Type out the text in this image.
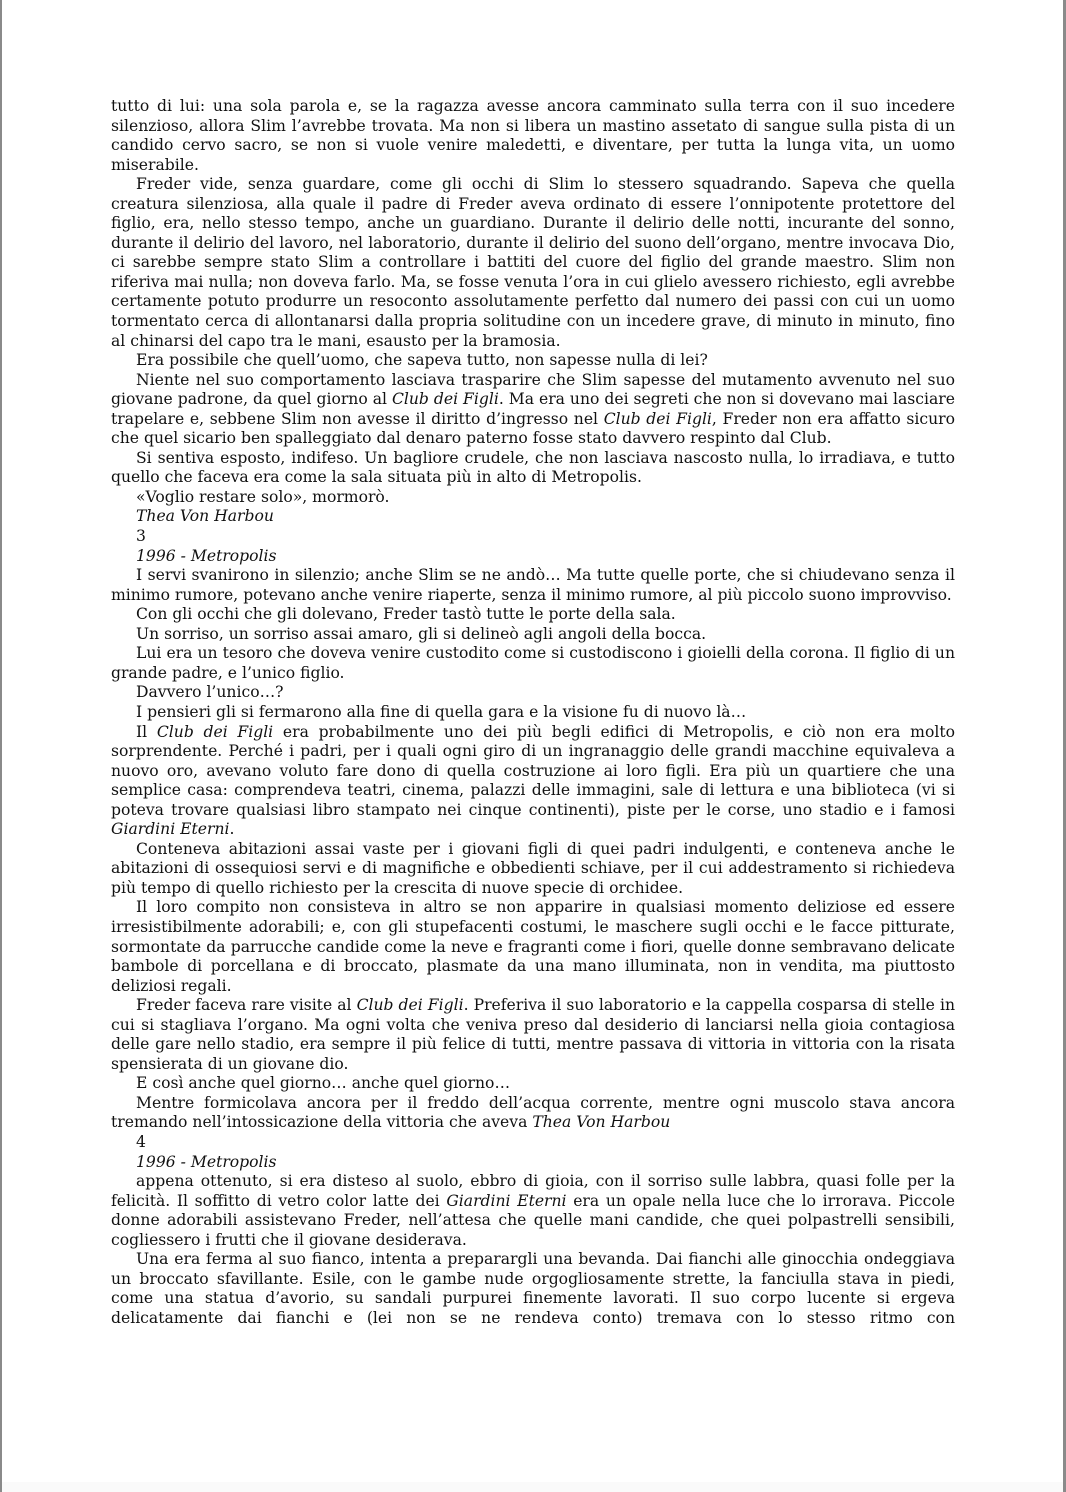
tutto di lui: una sola parola e, se la ragazza avesse ancora camminato sulla terra con il suo incedere silenzioso, allora Slim l’avrebbe trovata. Ma non si libera un mastino assetato di sangue sulla pista di un candido cervo sacro, se non si vuole venire maledetti, e diventare, per tutta la lunga vita, un uomo miserabile.

Freder vide, senza guardare, come gli occhi di Slim lo stessero squadrando. Sapeva che quella creatura silenziosa, alla quale il padre di Freder aveva ordinato di essere l’onnipotente protettore del figlio, era, nello stesso tempo, anche un guardiano. Durante il delirio delle notti, incurante del sonno, durante il delirio del lavoro, nel laboratorio, durante il delirio del suono dell’organo, mentre invocava Dio, ci sarebbe sempre stato Slim a controllare i battiti del cuore del figlio del grande maestro. Slim non riferiva mai nulla; non doveva farlo. Ma, se fosse venuta l’ora in cui glielo avessero richiesto, egli avrebbe certamente potuto produrre un resoconto assolutamente perfetto dal numero dei passi con cui un uomo tormentato cerca di allontanarsi dalla propria solitudine con un incedere grave, di minuto in minuto, fino al chinarsi del capo tra le mani, esausto per la bramosia.

Era possibile che quell’uomo, che sapeva tutto, non sapesse nulla di lei?

Niente nel suo comportamento lasciava trasparire che Slim sapesse del mutamento avvenuto nel suo giovane padrone, da quel giorno al Club dei Figli. Ma era uno dei segreti che non si dovevano mai lasciare trapelare e, sebbene Slim non avesse il diritto d’ingresso nel Club dei Figli, Freder non era affatto sicuro che quel sicario ben spalleggiato dal denaro paterno fosse stato davvero respinto dal Club.

Si sentiva esposto, indifeso. Un bagliore crudele, che non lasciava nascosto nulla, lo irradiava, e tutto quello che faceva era come la sala situata più in alto di Metropolis.

«Voglio restare solo», mormorò.

Thea Von Harbou

3

1996 - Metropolis

I servi svanirono in silenzio; anche Slim se ne andò… Ma tutte quelle porte, che si chiudevano senza il minimo rumore, potevano anche venire riaperte, senza il minimo rumore, al più piccolo suono improvviso.

Con gli occhi che gli dolevano, Freder tastò tutte le porte della sala.

Un sorriso, un sorriso assai amaro, gli si delineò agli angoli della bocca.

Lui era un tesoro che doveva venire custodito come si custodiscono i gioielli della corona. Il figlio di un grande padre, e l’unico figlio.

Davvero l’unico…?

I pensieri gli si fermarono alla fine di quella gara e la visione fu di nuovo là…

Il Club dei Figli era probabilmente uno dei più begli edifici di Metropolis, e ciò non era molto sorprendente. Perché i padri, per i quali ogni giro di un ingranaggio delle grandi macchine equivaleva a nuovo oro, avevano voluto fare dono di quella costruzione ai loro figli. Era più un quartiere che una semplice casa: comprendeva teatri, cinema, palazzi delle immagini, sale di lettura e una biblioteca (vi si poteva trovare qualsiasi libro stampato nei cinque continenti), piste per le corse, uno stadio e i famosi Giardini Eterni.

Conteneva abitazioni assai vaste per i giovani figli di quei padri indulgenti, e conteneva anche le abitazioni di ossequiosi servi e di magnifiche e obbedienti schiave, per il cui addestramento si richiedeva più tempo di quello richiesto per la crescita di nuove specie di orchidee.

Il loro compito non consisteva in altro se non apparire in qualsiasi momento deliziose ed essere irresistibilmente adorabili; e, con gli stupefacenti costumi, le maschere sugli occhi e le facce pitturate, sormontate da parrucche candide come la neve e fragranti come i fiori, quelle donne sembravano delicate bambole di porcellana e di broccato, plasmate da una mano illuminata, non in vendita, ma piuttosto deliziosi regali.

Freder faceva rare visite al Club dei Figli. Preferiva il suo laboratorio e la cappella cosparsa di stelle in cui si stagliava l’organo. Ma ogni volta che veniva preso dal desiderio di lanciarsi nella gioia contagiosa delle gare nello stadio, era sempre il più felice di tutti, mentre passava di vittoria in vittoria con la risata spensierata di un giovane dio.

E così anche quel giorno… anche quel giorno…

Mentre formicolava ancora per il freddo dell’acqua corrente, mentre ogni muscolo stava ancora tremando nell’intossicazione della vittoria che aveva Thea Von Harbou

4

1996 - Metropolis

appena ottenuto, si era disteso al suolo, ebbro di gioia, con il sorriso sulle labbra, quasi folle per la felicità. Il soffitto di vetro color latte dei Giardini Eterni era un opale nella luce che lo irrorava. Piccole donne adorabili assistevano Freder, nell’attesa che quelle mani candide, che quei polpastrelli sensibili, cogliessero i frutti che il giovane desiderava.

Una era ferma al suo fianco, intenta a preparargli una bevanda. Dai fianchi alle ginocchia ondeggiava un broccato sfavillante. Esile, con le gambe nude orgogliosamente strette, la fanciulla stava in piedi, come una statua d’avorio, su sandali purpurei finemente lavorati. Il suo corpo lucente si ergeva delicatamente dai fianchi e (lei non se ne rendeva conto) tremava con lo stesso ritmo con
